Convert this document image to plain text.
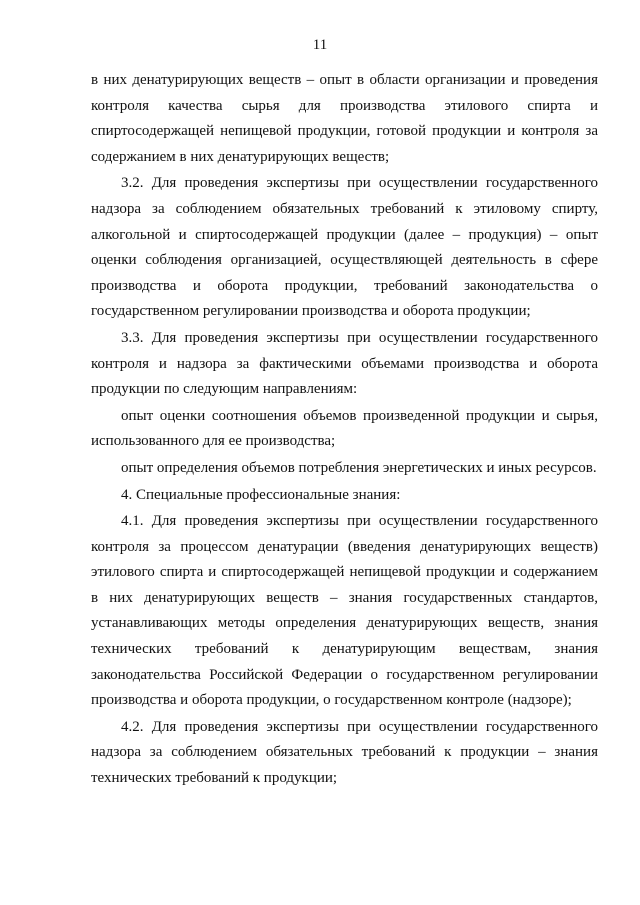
11

в них денатурирующих веществ – опыт в области организации и проведения контроля качества сырья для производства этилового спирта и спиртосодержащей непищевой продукции, готовой продукции и контроля за содержанием в них денатурирующих веществ;

3.2. Для проведения экспертизы при осуществлении государственного надзора за соблюдением обязательных требований к этиловому спирту, алкогольной и спиртосодержащей продукции (далее – продукция) – опыт оценки соблюдения организацией, осуществляющей деятельность в сфере производства и оборота продукции, требований законодательства о государственном регулировании производства и оборота продукции;

3.3. Для проведения экспертизы при осуществлении государственного контроля и надзора за фактическими объемами производства и оборота продукции по следующим направлениям:

опыт оценки соотношения объемов произведенной продукции и сырья, использованного для ее производства;

опыт определения объемов потребления энергетических и иных ресурсов.

4. Специальные профессиональные знания:

4.1. Для проведения экспертизы при осуществлении государственного контроля за процессом денатурации (введения денатурирующих веществ) этилового спирта и спиртосодержащей непищевой продукции и содержанием в них денатурирующих веществ – знания государственных стандартов, устанавливающих методы определения денатурирующих веществ, знания технических требований к денатурирующим веществам, знания законодательства Российской Федерации о государственном регулировании производства и оборота продукции, о государственном контроле (надзоре);

4.2. Для проведения экспертизы при осуществлении государственного надзора за соблюдением обязательных требований к продукции – знания технических требований к продукции;
